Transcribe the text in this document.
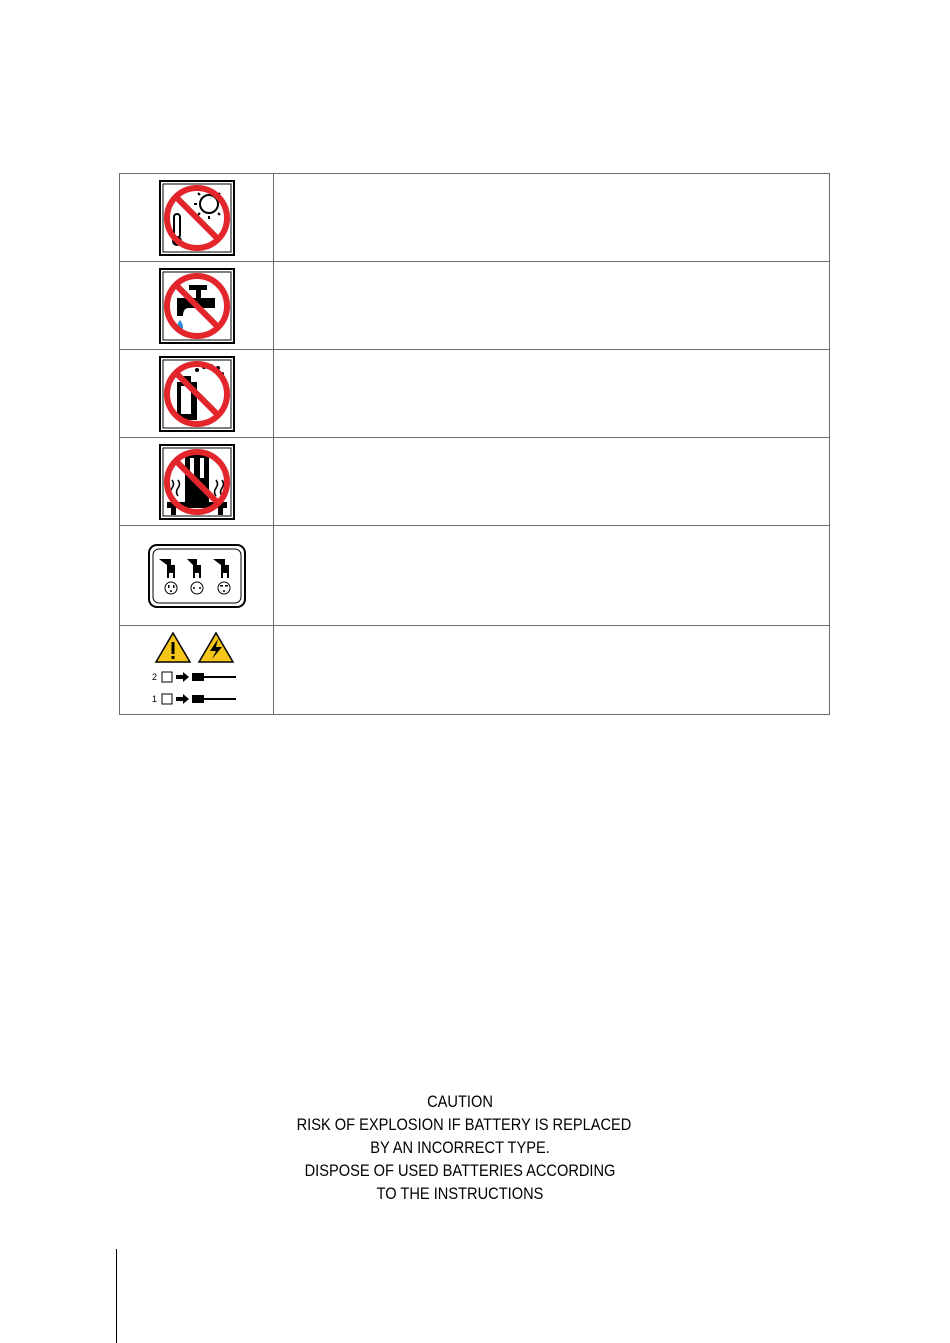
2
1	

CAUTION
RISK OF EXPLOSION IF BATTERY IS REPLACED
BY AN INCORRECT TYPE.
DISPOSE OF USED BATTERIES ACCORDING
TO THE INSTRUCTIONS
